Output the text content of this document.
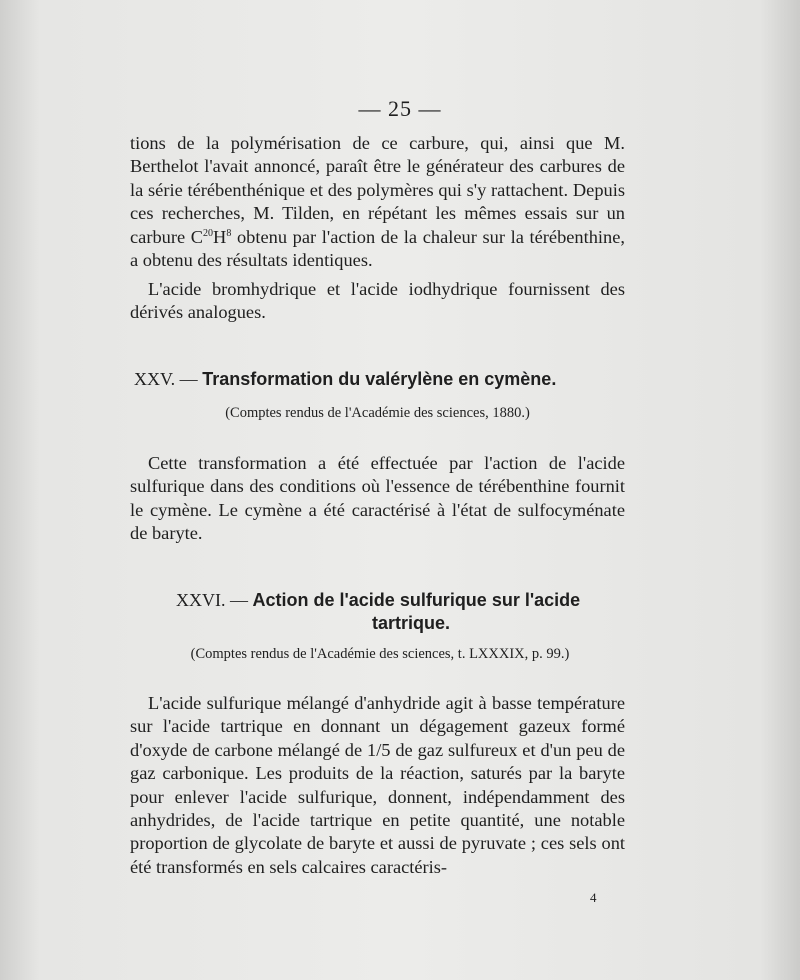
— 25 —

tions de la polymérisation de ce carbure, qui, ainsi que M. Berthelot l'avait annoncé, paraît être le générateur des carbures de la série térébenthénique et des polymères qui s'y rattachent. Depuis ces recherches, M. Tilden, en répétant les mêmes essais sur un carbure $C^{20}H^8$ obtenu par l'action de la chaleur sur la térébenthine, a obtenu des résultats identiques.

L'acide bromhydrique et l'acide iodhydrique fournissent des dérivés analogues.

XXV. — Transformation du valérylène en cymène.
(Comptes rendus de l'Académie des sciences, 1880.)

Cette transformation a été effectuée par l'action de l'acide sulfurique dans des conditions où l'essence de térébenthine fournit le cymène. Le cymène a été caractérisé à l'état de sulfocyménate de baryte.

XXVI. — Action de l'acide sulfurique sur l'acide
tartrique.
(Comptes rendus de l'Académie des sciences, t. LXXXIX, p. 99.)

L'acide sulfurique mélangé d'anhydride agit à basse température sur l'acide tartrique en donnant un dégagement gazeux formé d'oxyde de carbone mélangé de 1/5 de gaz sulfureux et d'un peu de gaz carbonique. Les produits de la réaction, saturés par la baryte pour enlever l'acide sulfurique, donnent, indépendamment des anhydrides, de l'acide tartrique en petite quantité, une notable proportion de glycolate de baryte et aussi de pyruvate ; ces sels ont été transformés en sels calcaires caractéris-

4
